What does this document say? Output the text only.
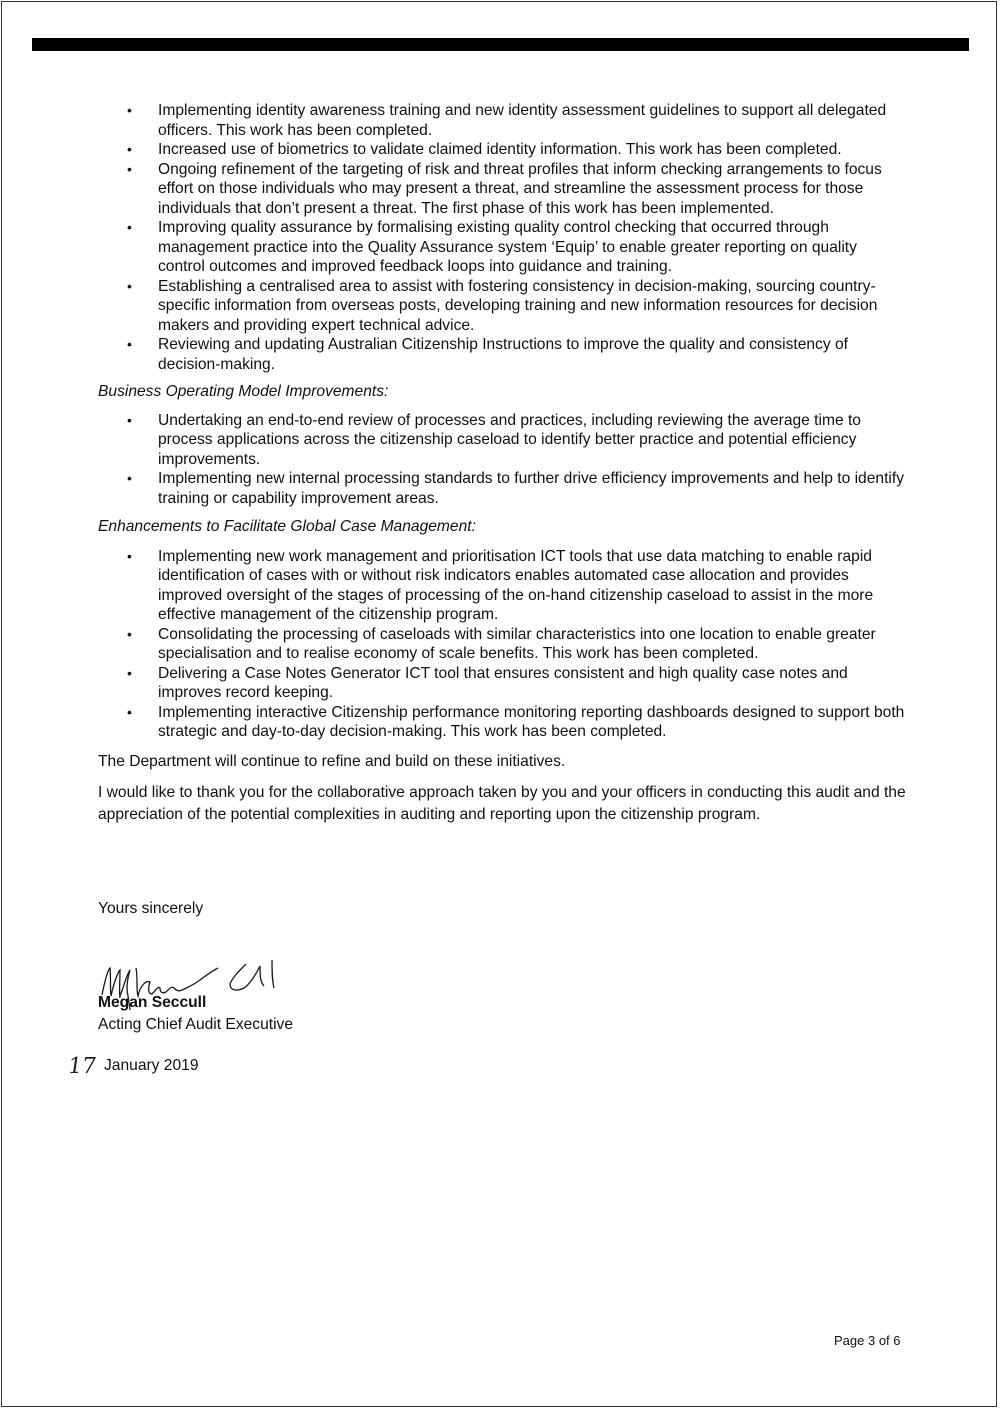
• Implementing identity awareness training and new identity assessment guidelines to support all delegated officers. This work has been completed.
• Increased use of biometrics to validate claimed identity information. This work has been completed.
• Ongoing refinement of the targeting of risk and threat profiles that inform checking arrangements to focus effort on those individuals who may present a threat, and streamline the assessment process for those individuals that don’t present a threat. The first phase of this work has been implemented.
• Improving quality assurance by formalising existing quality control checking that occurred through management practice into the Quality Assurance system ‘Equip’ to enable greater reporting on quality control outcomes and improved feedback loops into guidance and training.
• Establishing a centralised area to assist with fostering consistency in decision-making, sourcing country-specific information from overseas posts, developing training and new information resources for decision makers and providing expert technical advice.
• Reviewing and updating Australian Citizenship Instructions to improve the quality and consistency of decision-making.
Business Operating Model Improvements:
• Undertaking an end-to-end review of processes and practices, including reviewing the average time to process applications across the citizenship caseload to identify better practice and potential efficiency improvements.
• Implementing new internal processing standards to further drive efficiency improvements and help to identify training or capability improvement areas.
Enhancements to Facilitate Global Case Management:
• Implementing new work management and prioritisation ICT tools that use data matching to enable rapid identification of cases with or without risk indicators enables automated case allocation and provides improved oversight of the stages of processing of the on-hand citizenship caseload to assist in the more effective management of the citizenship program.
• Consolidating the processing of caseloads with similar characteristics into one location to enable greater specialisation and to realise economy of scale benefits. This work has been completed.
• Delivering a Case Notes Generator ICT tool that ensures consistent and high quality case notes and improves record keeping.
• Implementing interactive Citizenship performance monitoring reporting dashboards designed to support both strategic and day-to-day decision-making. This work has been completed.

The Department will continue to refine and build on these initiatives.

I would like to thank you for the collaborative approach taken by you and your officers in conducting this audit and the appreciation of the potential complexities in auditing and reporting upon the citizenship program.

Yours sincerely
Megan Seccull
Acting Chief Audit Executive
17 January 2019
Page 3 of 6
